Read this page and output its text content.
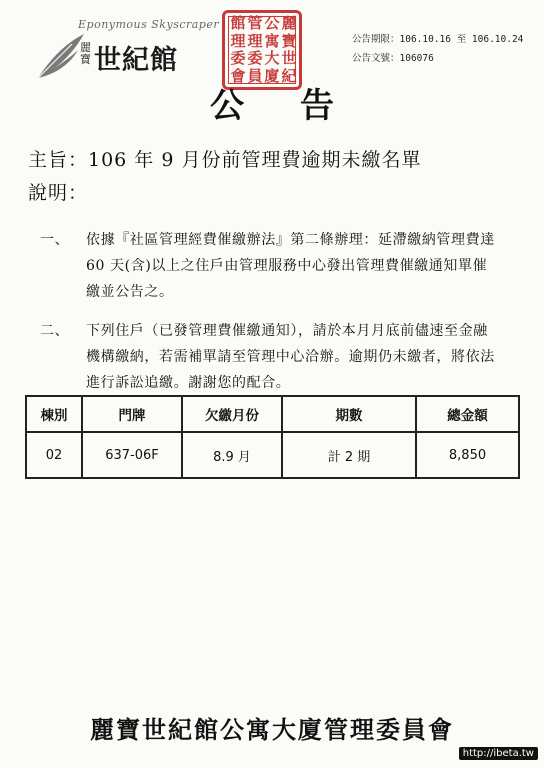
Eponymous Skyscraper
麗寶 世紀館
麗寶世紀
公寓大廈
管理委員
館理委會
公告期限：106.10.16 至 106.10.24
公告文號：106076
公告
主旨：106 年 9 月份前管理費逾期未繳名單
說明：
一、 依據『社區管理經費催繳辦法』第二條辦理：延滯繳納管理費達 60 天(含)以上之住戶由管理服務中心發出管理費催繳通知單催繳並公告之。
二、 下列住戶（已發管理費催繳通知），請於本月月底前儘速至金融機構繳納，若需補單請至管理中心洽辦。逾期仍未繳者，將依法進行訴訟追繳。謝謝您的配合。
棟別	門牌	欠繳月份	期數	總金額
02	637-06F	8.9 月	計 2 期	8,850
麗寶世紀館公寓大廈管理委員會
http://ibeta.tw
